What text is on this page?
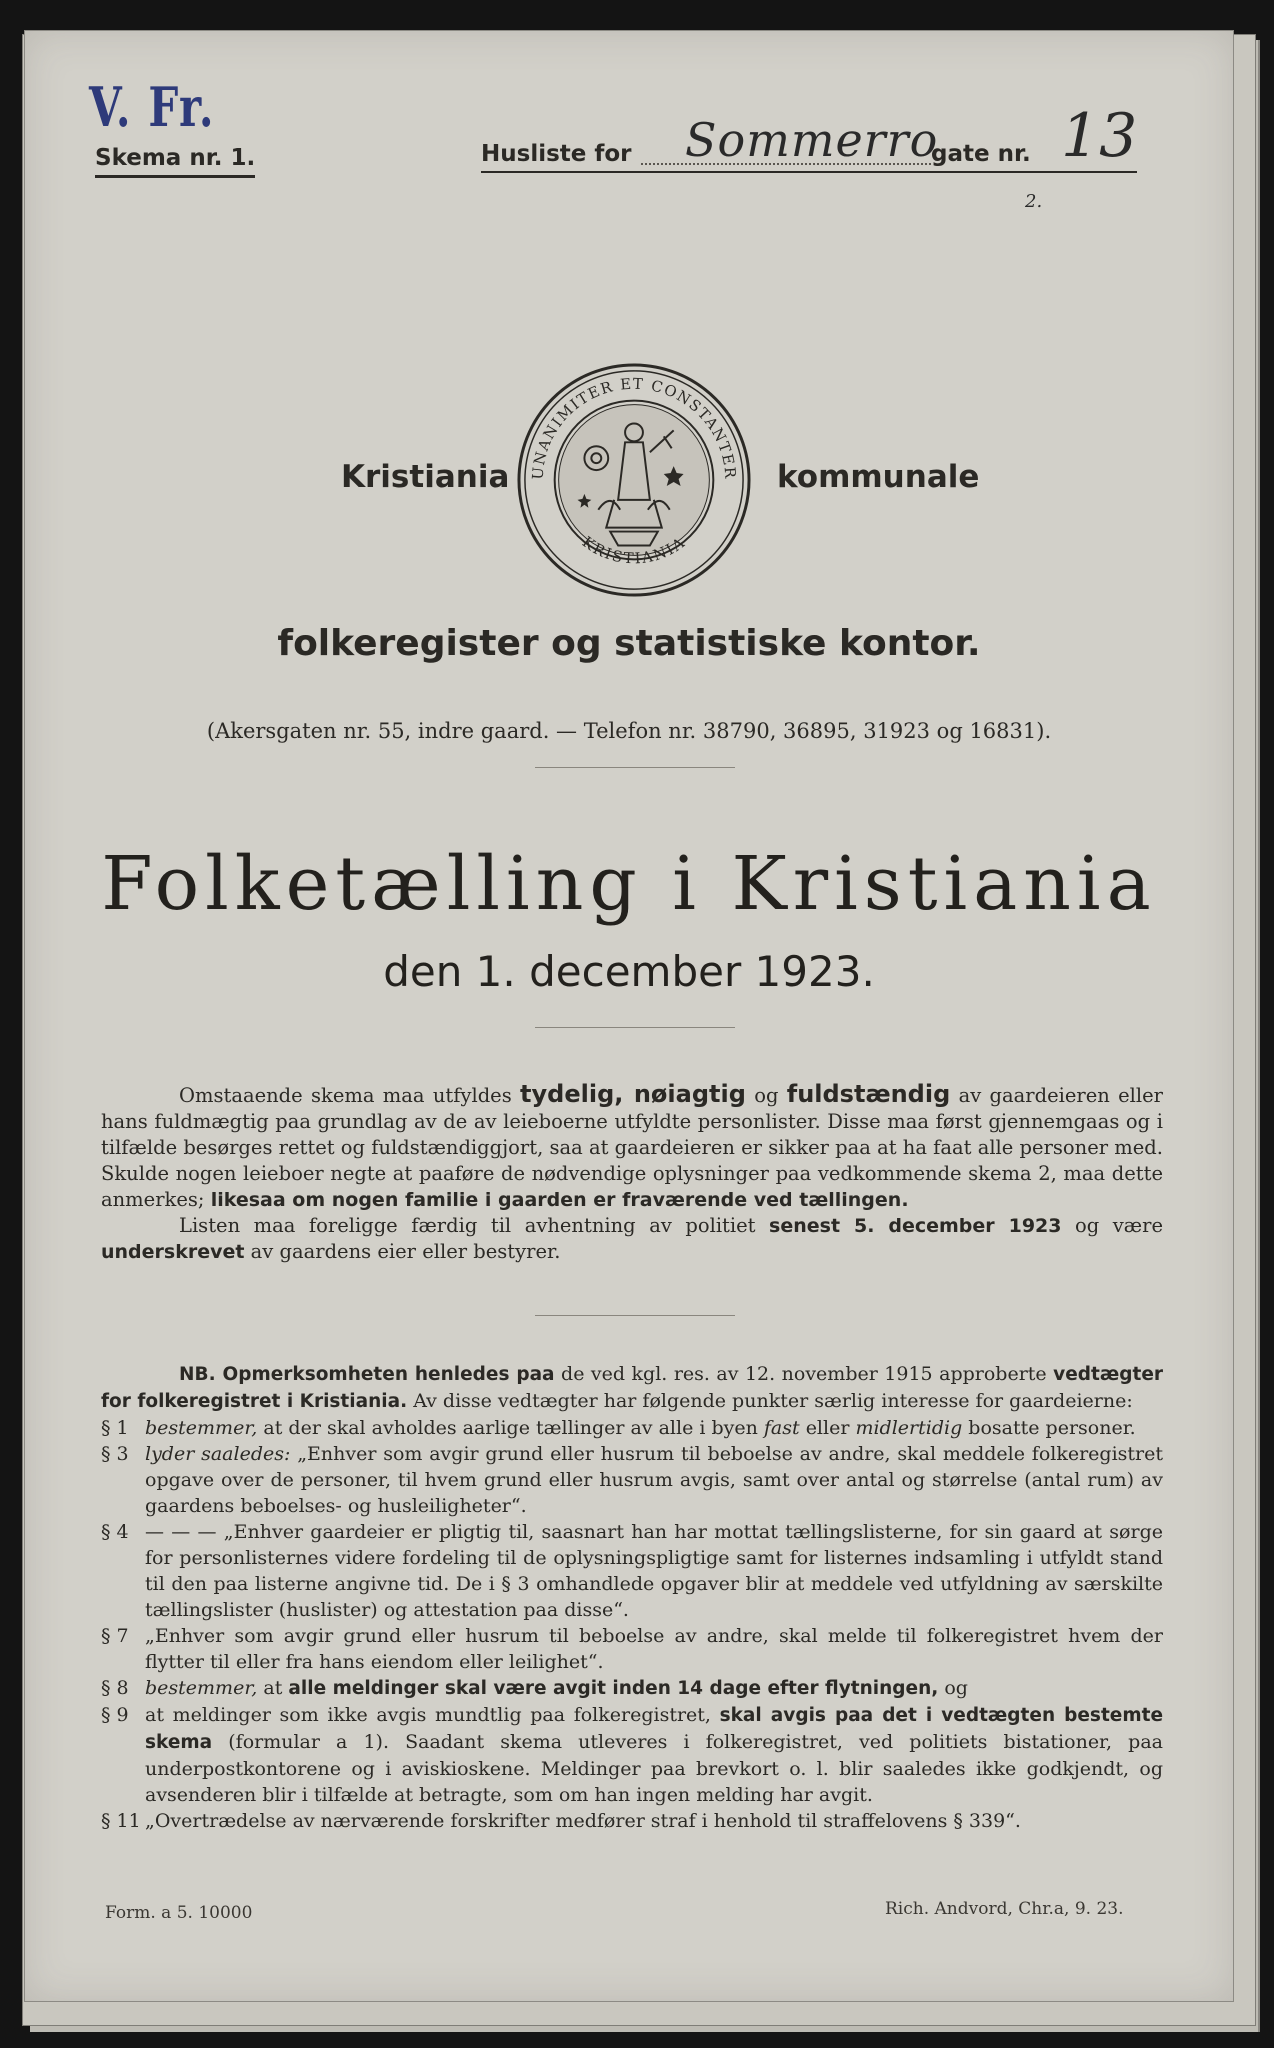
V. Fr.
Skema nr. 1.	Husliste for Sommerro
gate nr. 13
2.
Kristiania UNANIMITER ET CONSTANTER
KRISTIANIA
kommunale
folkeregister og statistiske kontor.
(Akersgaten nr. 55, indre gaard. — Telefon nr. 38790, 36895, 31923 og 16831).
Folketælling i Kristiania
den 1. december 1923.
Omstaaende skema maa utfyldes tydelig, nøiagtig og fuldstændig av gaardeieren eller hans fuldmægtig paa grundlag av de av leieboerne utfyldte personlister. Disse maa først gjennemgaas og i tilfælde besørges rettet og fuldstændiggjort, saa at gaardeieren er sikker paa at ha faat alle personer med. Skulde nogen leieboer negte at paaføre de nødvendige oplysninger paa vedkommende skema 2, maa dette anmerkes; likesaa om nogen familie i gaarden er fraværende ved tællingen.
Listen maa foreligge færdig til avhentning av politiet senest 5. december 1923 og være underskrevet av gaardens eier eller bestyrer.
NB. Opmerksomheten henledes paa de ved kgl. res. av 12. november 1915 approberte vedtægter for folkeregistret i Kristiania. Av disse vedtægter har følgende punkter særlig interesse for gaardeierne:
§ 1 bestemmer, at der skal avholdes aarlige tællinger av alle i byen fast eller midlertidig bosatte personer.
§ 3 lyder saaledes: „Enhver som avgir grund eller husrum til beboelse av andre, skal meddele folkeregistret opgave over de personer, til hvem grund eller husrum avgis, samt over antal og størrelse (antal rum) av gaardens beboelses- og husleiligheter“.
§ 4 — — — „Enhver gaardeier er pligtig til, saasnart han har mottat tællingslisterne, for sin gaard at sørge for personlisternes videre fordeling til de oplysningspligtige samt for listernes indsamling i utfyldt stand til den paa listerne angivne tid. De i § 3 omhandlede opgaver blir at meddele ved utfyldning av særskilte tællingslister (huslister) og attestation paa disse“.
§ 7 „Enhver som avgir grund eller husrum til beboelse av andre, skal melde til folkeregistret hvem der flytter til eller fra hans eiendom eller leilighet“.
§ 8 bestemmer, at alle meldinger skal være avgit inden 14 dage efter flytningen, og
§ 9 at meldinger som ikke avgis mundtlig paa folkeregistret, skal avgis paa det i vedtægten bestemte skema (formular a 1). Saadant skema utleveres i folkeregistret, ved politiets bistationer, paa underpostkontorene og i aviskioskene. Meldinger paa brevkort o. l. blir saaledes ikke godkjendt, og avsenderen blir i tilfælde at betragte, som om han ingen melding har avgit.
§ 11 „Overtrædelse av nærværende forskrifter medfører straf i henhold til straffelovens § 339“.
Form. a 5. 10000	Rich. Andvord, Chr.a, 9. 23.
